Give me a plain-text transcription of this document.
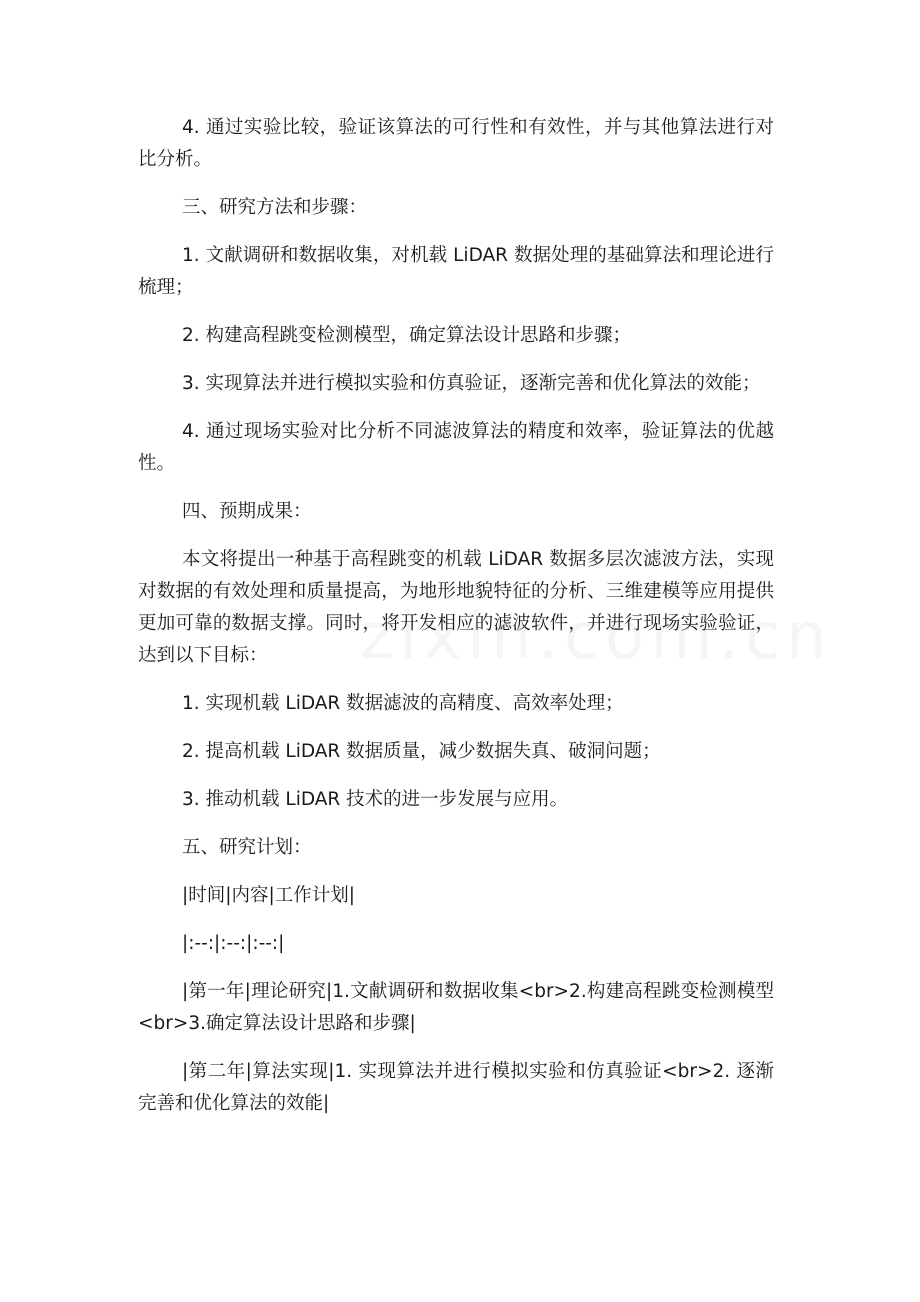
4. 通过实验比较，验证该算法的可行性和有效性，并与其他算法进行对比分析。

三、研究方法和步骤：

1. 文献调研和数据收集，对机载 LiDAR 数据处理的基础算法和理论进行梳理；

2. 构建高程跳变检测模型，确定算法设计思路和步骤；

3. 实现算法并进行模拟实验和仿真验证，逐渐完善和优化算法的效能；

4. 通过现场实验对比分析不同滤波算法的精度和效率，验证算法的优越性。

四、预期成果：

本文将提出一种基于高程跳变的机载 LiDAR 数据多层次滤波方法，实现对数据的有效处理和质量提高，为地形地貌特征的分析、三维建模等应用提供更加可靠的数据支撑。同时，将开发相应的滤波软件，并进行现场实验验证，达到以下目标：

1. 实现机载 LiDAR 数据滤波的高精度、高效率处理；

2. 提高机载 LiDAR 数据质量，减少数据失真、破洞问题；

3. 推动机载 LiDAR 技术的进一步发展与应用。

五、研究计划：

|时间|内容|工作计划|

|:--:|:--:|:--:|

|第一年|理论研究|1.文献调研和数据收集<br>2.构建高程跳变检测模型<br>3.确定算法设计思路和步骤|

|第二年|算法实现|1. 实现算法并进行模拟实验和仿真验证<br>2. 逐渐完善和优化算法的效能|
